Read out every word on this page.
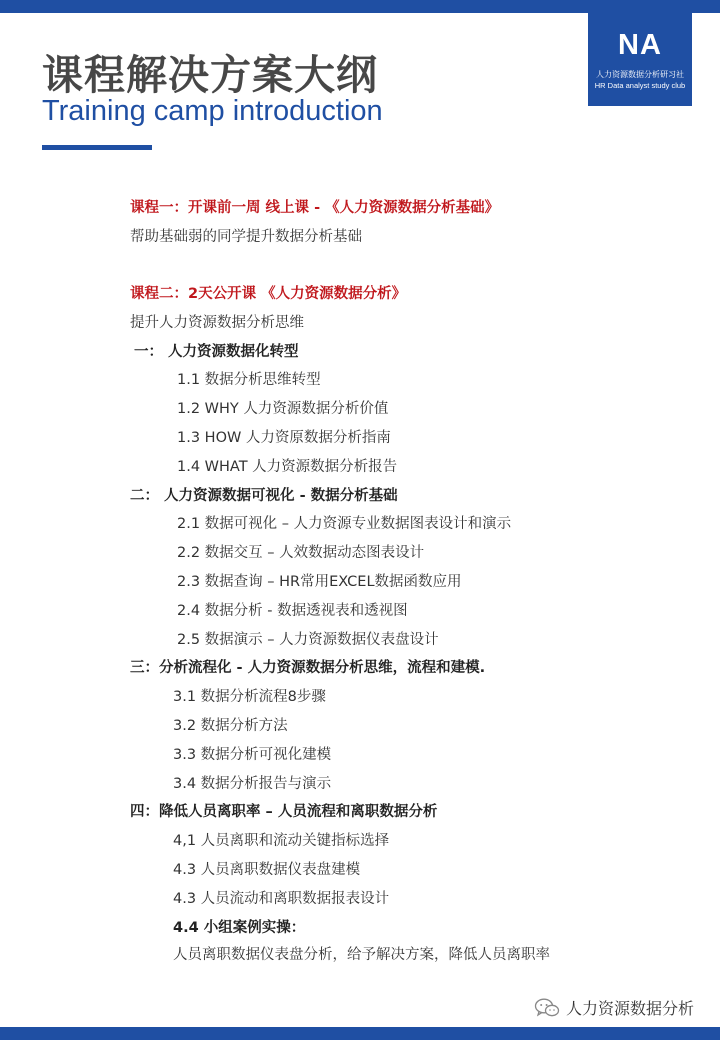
课程解决方案大纲
Training camp introduction
NA
人力资源数据分析研习社
HR Data analyst study club
课程一：开课前一周 线上课 - 《人力资源数据分析基础》
帮助基础弱的同学提升数据分析基础
课程二：2天公开课 《人力资源数据分析》
提升人力资源数据分析思维
一： 人力资源数据化转型
1.1 数据分析思维转型
1.2 WHY 人力资源数据分析价值
1.3 HOW 人力资原数据分析指南
1.4 WHAT 人力资源数据分析报告
二： 人力资源数据可视化 - 数据分析基础
2.1 数据可视化 – 人力资源专业数据图表设计和演示
2.2 数据交互 – 人效数据动态图表设计
2.3 数据查询 – HR常用EXCEL数据函数应用
2.4 数据分析 - 数据透视表和透视图
2.5 数据演示 – 人力资源数据仪表盘设计
三：分析流程化 - 人力资源数据分析思维，流程和建模.
3.1 数据分析流程8步骤
3.2 数据分析方法
3.3 数据分析可视化建模
3.4 数据分析报告与演示
四：降低人员离职率 – 人员流程和离职数据分析
4,1 人员离职和流动关键指标选择
4.3 人员离职数据仪表盘建模
4.3 人员流动和离职数据报表设计
4.4 小组案例实操：
人员离职数据仪表盘分析，给予解决方案，降低人员离职率
人力资源数据分析
